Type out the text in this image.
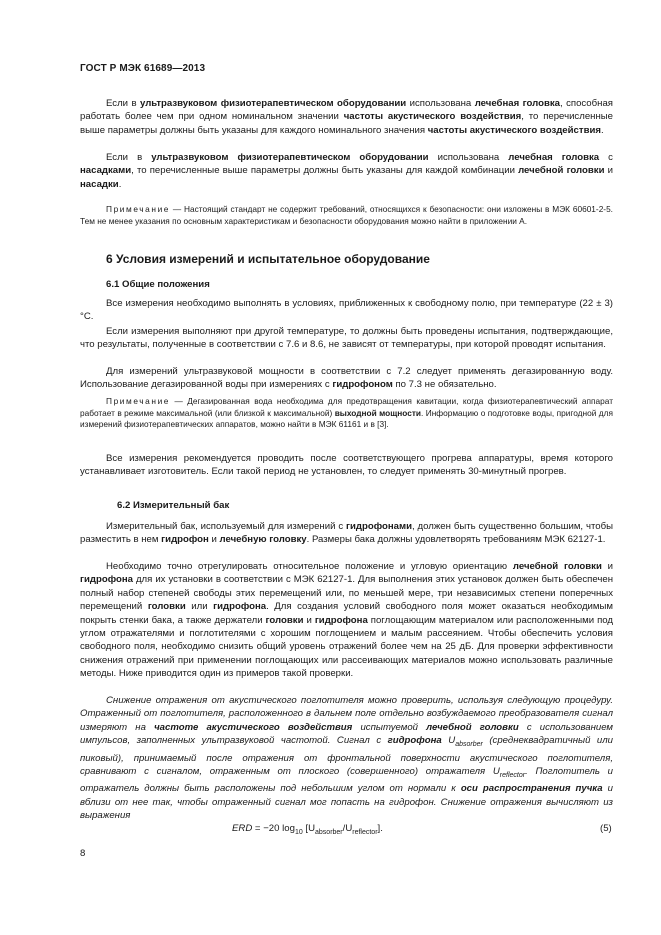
ГОСТ Р МЭК 61689—2013

Если в ультразвуковом физиотерапевтическом оборудовании использована лечебная головка, способная работать более чем при одном номинальном значении частоты акустического воздействия, то перечисленные выше параметры должны быть указаны для каждого номинального значения частоты акустического воздействия.

Если в ультразвуковом физиотерапевтическом оборудовании использована лечебная головка с насадками, то перечисленные выше параметры должны быть указаны для каждой комбинации лечебной головки и насадки.

Примечание — Настоящий стандарт не содержит требований, относящихся к безопасности: они изложены в МЭК 60601-2-5. Тем не менее указания по основным характеристикам и безопасности оборудования можно найти в приложении А.

6 Условия измерений и испытательное оборудование
6.1 Общие положения

Все измерения необходимо выполнять в условиях, приближенных к свободному полю, при температуре (22 ± 3) °С.

Если измерения выполняют при другой температуре, то должны быть проведены испытания, подтверждающие, что результаты, полученные в соответствии с 7.6 и 8.6, не зависят от температуры, при которой проводят испытания.

Для измерений ультразвуковой мощности в соответствии с 7.2 следует применять дегазированную воду. Использование дегазированной воды при измерениях с гидрофоном по 7.3 не обязательно.

Примечание — Дегазированная вода необходима для предотвращения кавитации, когда физиотерапевтический аппарат работает в режиме максимальной (или близкой к максимальной) выходной мощности. Информацию о подготовке воды, пригодной для измерений физиотерапевтических аппаратов, можно найти в МЭК 61161 и в [3].

Все измерения рекомендуется проводить после соответствующего прогрева аппаратуры, время которого устанавливает изготовитель. Если такой период не установлен, то следует применять 30-минутный прогрев.

6.2 Измерительный бак

Измерительный бак, используемый для измерений с гидрофонами, должен быть существенно большим, чтобы разместить в нем гидрофон и лечебную головку. Размеры бака должны удовлетворять требованиям МЭК 62127-1.

Необходимо точно отрегулировать относительное положение и угловую ориентацию лечебной головки и гидрофона для их установки в соответствии с МЭК 62127-1. Для выполнения этих установок должен быть обеспечен полный набор степеней свободы этих перемещений или, по меньшей мере, три независимых степени поперечных перемещений головки или гидрофона. Для создания условий свободного поля может оказаться необходимым покрыть стенки бака, а также держатели головки и гидрофона поглощающим материалом или расположенными под углом отражателями и поглотителями с хорошим поглощением и малым рассеянием. Чтобы обеспечить условия свободного поля, необходимо снизить общий уровень отражений более чем на 25 дБ. Для проверки эффективности снижения отражений при применении поглощающих или рассеивающих материалов можно использовать различные методы. Ниже приводится один из примеров такой проверки.

Снижение отражения от акустического поглотителя можно проверить, используя следующую процедуру. Отраженный от поглотителя, расположенного в дальнем поле отдельно возбуждаемого преобразователя сигнал измеряют на частоте акустического воздействия испытуемой лечебной головки с использованием импульсов, заполненных ультразвуковой частотой. Сигнал с гидрофона $U_{absorber}$ (среднеквадратичный или пиковый), принимаемый после отражения от фронтальной поверхности акустического поглотителя, сравнивают с сигналом, отраженным от плоского (совершенного) отражателя $U_{reflector}$. Поглотитель и отражатель должны быть расположены под небольшим углом от нормали к оси распространения пучка и вблизи от нее так, чтобы отраженный сигнал мог попасть на гидрофон. Снижение отражения вычисляют из выражения

ERD = −20 $\log_{10} [U_{absorber}/U_{reflector}]$.	(5)
8
